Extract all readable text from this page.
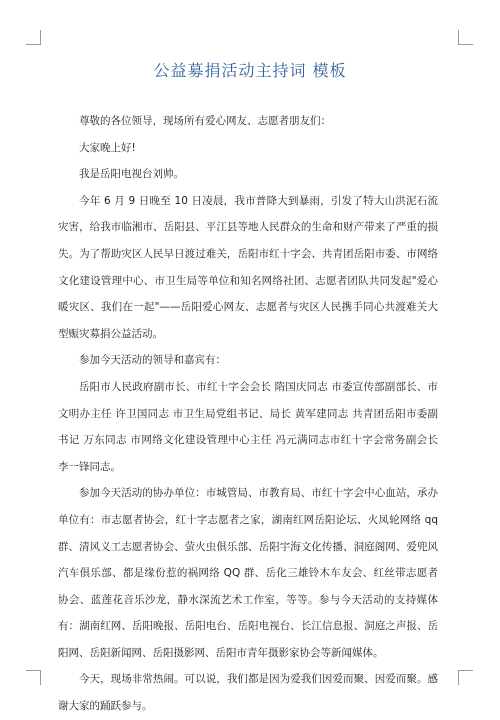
公益募捐活动主持词 模板

尊敬的各位领导，现场所有爱心网友、志愿者朋友们：

大家晚上好!

我是岳阳电视台刘帅。

今年 6 月 9 日晚至 10 日凌晨，我市普降大到暴雨，引发了特大山洪泥石流灾害，给我市临湘市、岳阳县、平江县等地人民群众的生命和财产带来了严重的损失。为了帮助灾区人民早日渡过难关，岳阳市红十字会、共青团岳阳市委、市网络文化建设管理中心、市卫生局等单位和知名网络社团、志愿者团队共同发起"爱心暖灾区、我们在一起"——岳阳爱心网友、志愿者与灾区人民携手同心共渡难关大型赈灾募捐公益活动。

参加今天活动的领导和嘉宾有：

岳阳市人民政府副市长、市红十字会会长 隋国庆同志 市委宣传部副部长、市文明办主任 许卫国同志 市卫生局党组书记、局长 黄军建同志 共青团岳阳市委副书记 万东同志 市网络文化建设管理中心主任 冯元满同志市红十字会常务副会长 李一锋同志。

参加今天活动的协办单位：市城管局、市教育局、市红十字会中心血站，承办单位有：市志愿者协会，红十字志愿者之家，湖南红网岳阳论坛、火凤轮网络 qq 群、清风义工志愿者协会、萤火虫俱乐部、岳阳宇海文化传播、洞庭阁网、爱兜风汽车俱乐部、都是缘份惹的祸网络 QQ 群、岳化三雄铃木车友会、红丝带志愿者协会、蓝莲花音乐沙龙，静水深流艺术工作室，等等。参与今天活动的支持媒体有：湖南红网、岳阳晚报、岳阳电台、岳阳电视台、长江信息报、洞庭之声报、岳阳网、岳阳新闻网、岳阳摄影网、岳阳市青年摄影家协会等新闻媒体。

今天，现场非常热闹。可以说，我们都是因为爱我们因爱而聚、因爱而聚。感谢大家的踊跃参与。
